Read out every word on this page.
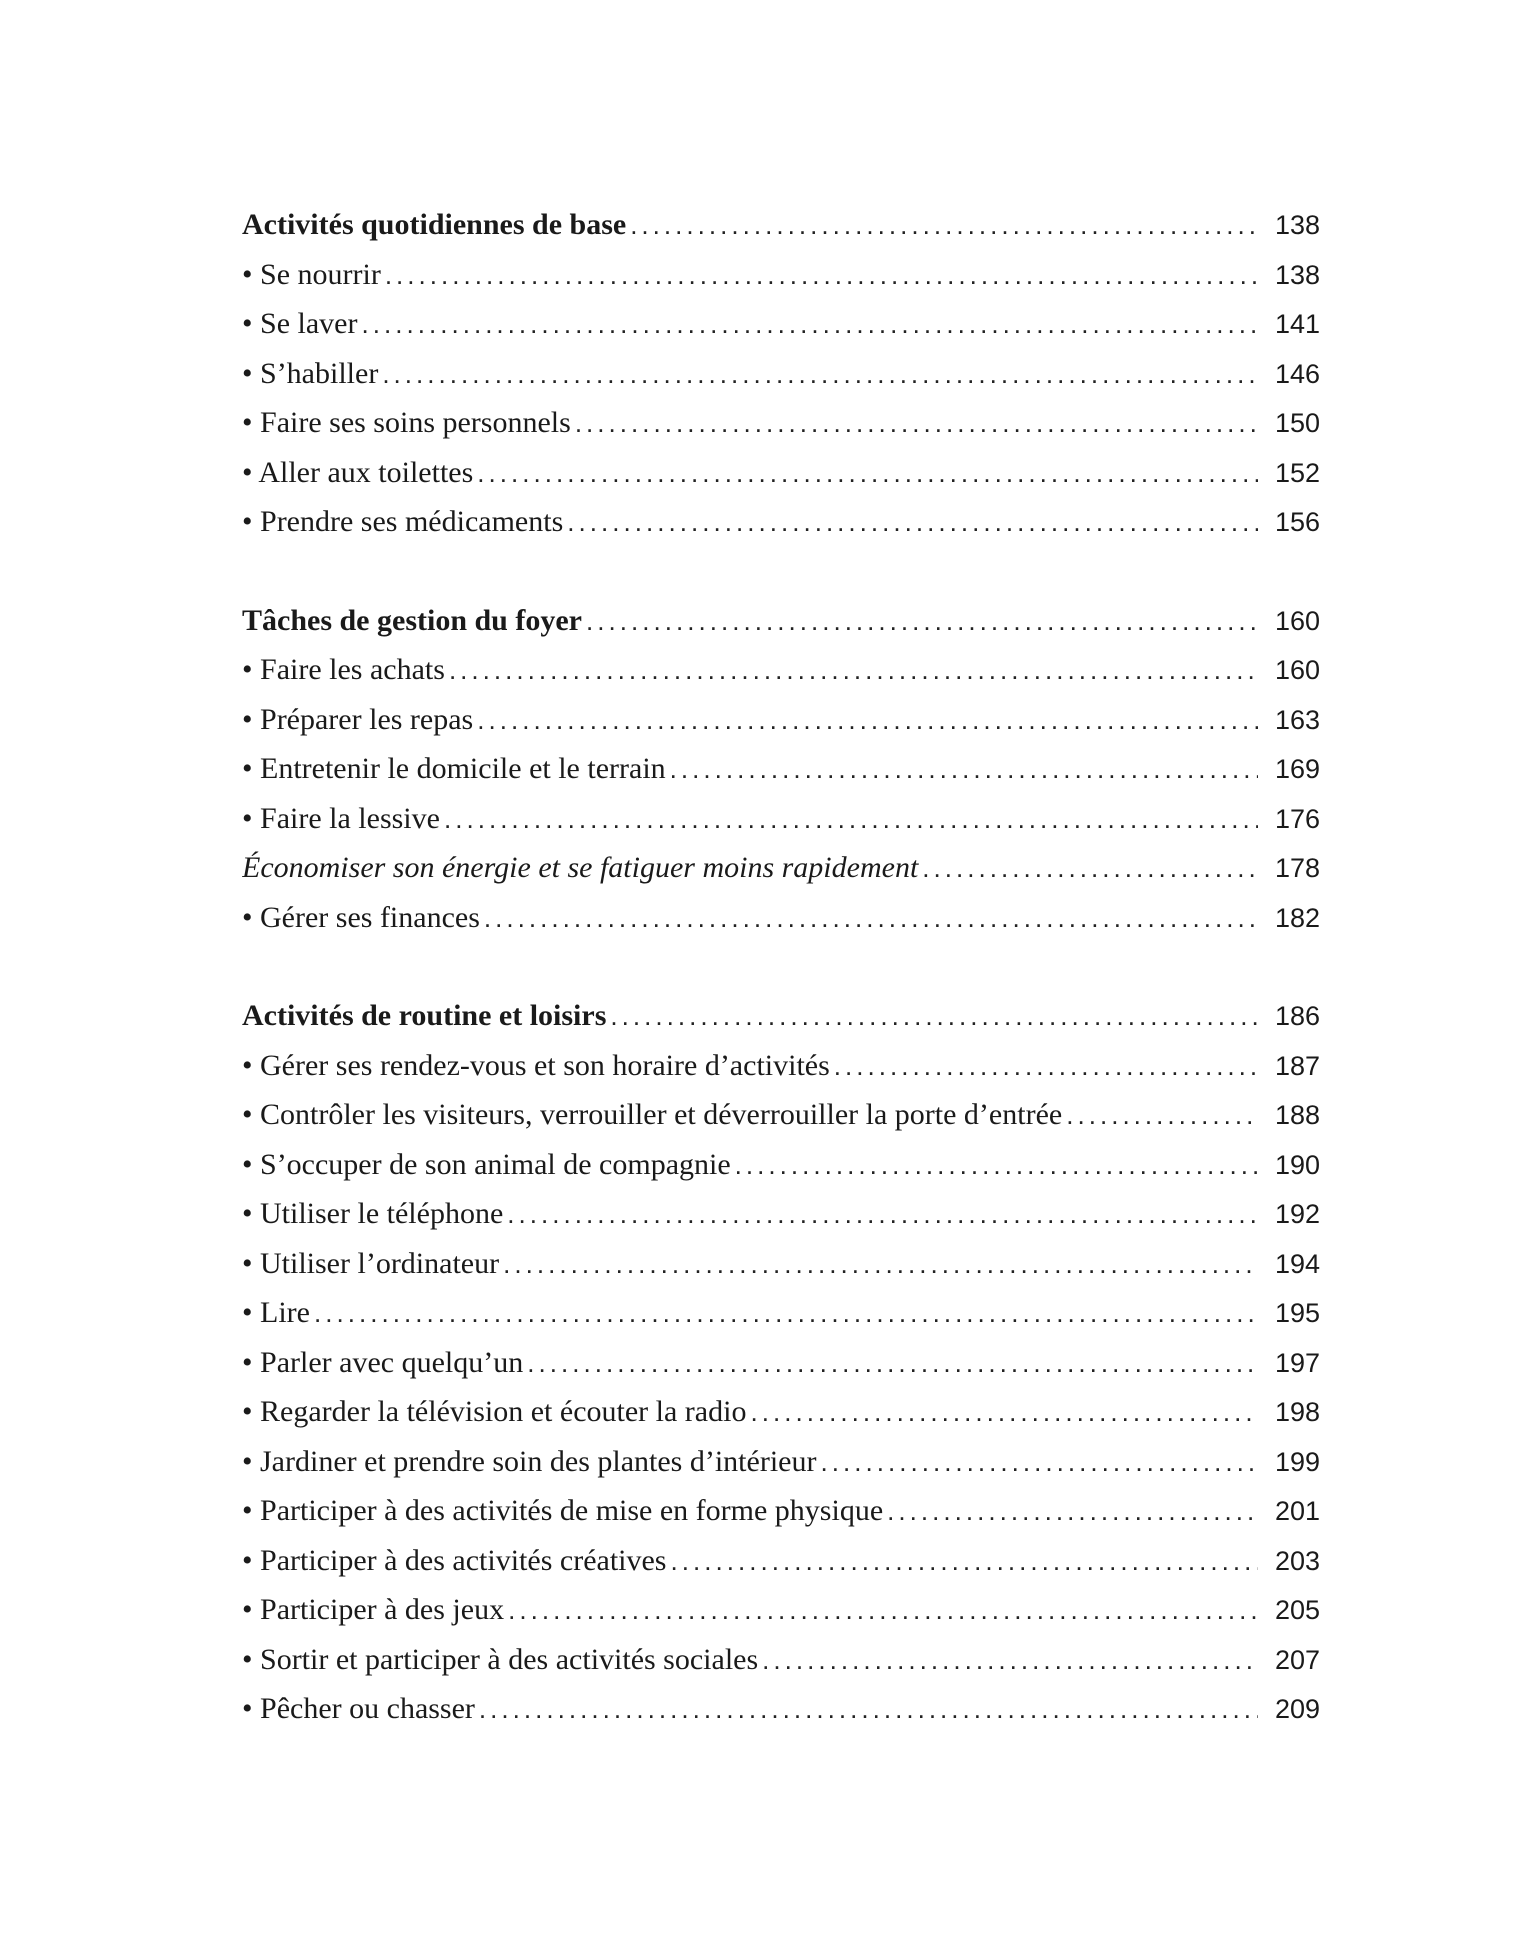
Activités quotidiennes de base . . .	138
• Se nourrir . . .	138
• Se laver . . .	141
• S’habiller . . .	146
• Faire ses soins personnels . . .	150
• Aller aux toilettes . . .	152
• Prendre ses médicaments . . .	156
Tâches de gestion du foyer . . .	160
• Faire les achats . . .	160
• Préparer les repas . . .	163
• Entretenir le domicile et le terrain . . .	169
• Faire la lessive . . .	176
Économiser son énergie et se fatiguer moins rapidement . . .	178
• Gérer ses finances . . .	182
Activités de routine et loisirs . . .	186
• Gérer ses rendez-vous et son horaire d’activités . . .	187
• Contrôler les visiteurs, verrouiller et déverrouiller la porte d’entrée . . .	188
• S’occuper de son animal de compagnie . . .	190
• Utiliser le téléphone . . .	192
• Utiliser l’ordinateur . . .	194
• Lire . . .	195
• Parler avec quelqu’un . . .	197
• Regarder la télévision et écouter la radio . . .	198
• Jardiner et prendre soin des plantes d’intérieur . . .	199
• Participer à des activités de mise en forme physique . . .	201
• Participer à des activités créatives . . .	203
• Participer à des jeux . . .	205
• Sortir et participer à des activités sociales . . .	207
• Pêcher ou chasser . . .	209
